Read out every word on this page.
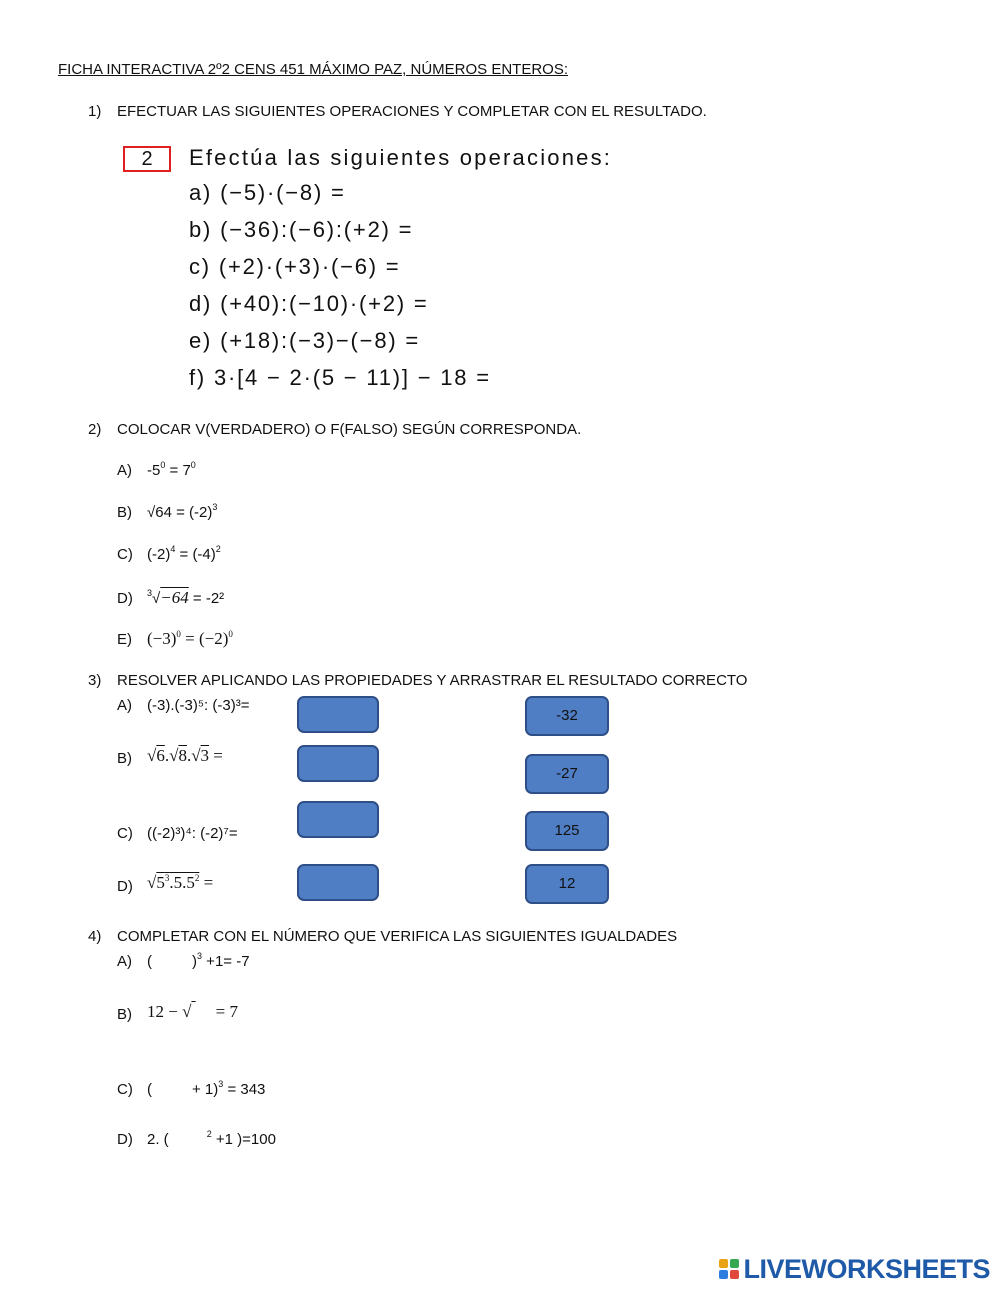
FICHA INTERACTIVA 2º2 CENS 451 MÁXIMO PAZ, NÚMEROS ENTEROS:
1) EFECTUAR LAS SIGUIENTES OPERACIONES Y COMPLETAR CON EL RESULTADO.
2	Efectúa las siguientes operaciones:
a) (−5)·(−8) =
b) (−36):(−6):(+2) =
c) (+2)·(+3)·(−6) =
d) (+40):(−10)·(+2) =
e) (+18):(−3)−(−8) =
f) 3·[4 − 2·(5 − 11)] − 18 =
2) COLOCAR V(VERDADERO) O F(FALSO) SEGÚN CORRESPONDA.
A) $-5^0 = 7^0$
B) $√64 = (-2)^3$
C) $(-2)^4 = (-4)^2$
D) $^3$√−64 = -2²
E) $(-3)^0 = (-2)^0$
3) RESOLVER APLICANDO LAS PROPIEDADES Y ARRASTRAR EL RESULTADO CORRECTO
A) (-3).(-3)⁵: (-3)³=
B) √6.√8.√3 =
C) ((-2)³)⁴: (-2)⁷=
D) $√5^3.5.5^2$ =
-32
-27
125
12
4) COMPLETAR CON EL NÚMERO QUE VERIFICA LAS SIGUIENTES IGUALDADES
A) (	)$^3$ +1= -7
B) 12 − √  = 7
C) (	+ 1)$^3$ = 343
D) 2. (	$^2$ +1 )=100
LIVEWORKSHEETS
